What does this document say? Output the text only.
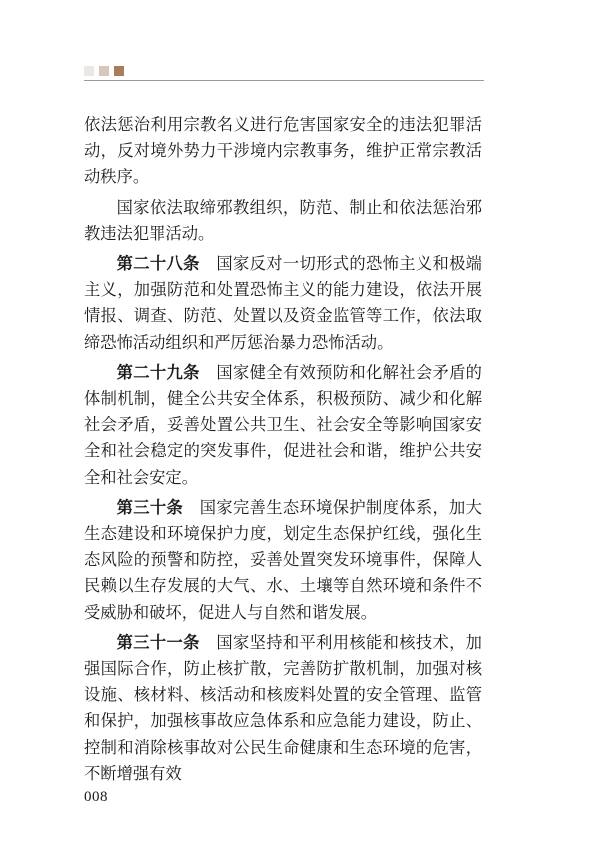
依法惩治利用宗教名义进行危害国家安全的违法犯罪活动，反对境外势力干涉境内宗教事务，维护正常宗教活动秩序。

国家依法取缔邪教组织，防范、制止和依法惩治邪教违法犯罪活动。

第二十八条　 国家反对一切形式的恐怖主义和极端主义，加强防范和处置恐怖主义的能力建设，依法开展情报、调查、防范、处置以及资金监管等工作，依法取缔恐怖活动组织和严厉惩治暴力恐怖活动。

第二十九条　 国家健全有效预防和化解社会矛盾的体制机制，健全公共安全体系，积极预防、减少和化解社会矛盾，妥善处置公共卫生、社会安全等影响国家安全和社会稳定的突发事件，促进社会和谐，维护公共安全和社会安定。

第三十条　 国家完善生态环境保护制度体系，加大生态建设和环境保护力度，划定生态保护红线，强化生态风险的预警和防控，妥善处置突发环境事件，保障人民赖以生存发展的大气、水、土壤等自然环境和条件不受威胁和破坏，促进人与自然和谐发展。

第三十一条　 国家坚持和平利用核能和核技术，加强国际合作，防止核扩散，完善防扩散机制，加强对核设施、核材料、核活动和核废料处置的安全管理、监管和保护，加强核事故应急体系和应急能力建设，防止、控制和消除核事故对公民生命健康和生态环境的危害，不断增强有效

008
